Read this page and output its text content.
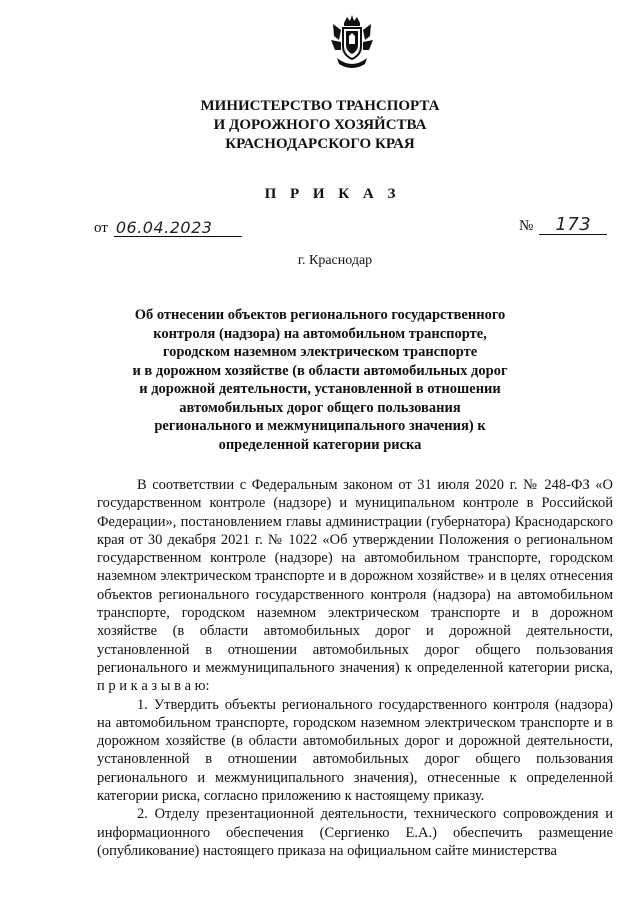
МИНИСТЕРСТВО ТРАНСПОРТА
И ДОРОЖНОГО ХОЗЯЙСТВА
КРАСНОДАРСКОГО КРАЯ
П Р И К А З
от 06.04.2023	№	173
г. Краснодар
Об отнесении объектов регионального государственного
контроля (надзора) на автомобильном транспорте,
городском наземном электрическом транспорте
и в дорожном хозяйстве (в области автомобильных дорог
и дорожной деятельности, установленной в отношении
автомобильных дорог общего пользования
регионального и межмуниципального значения) к
определенной категории риска

В соответствии с Федеральным законом от 31 июля 2020 г. № 248-ФЗ «О государственном контроле (надзоре) и муниципальном контроле в Российской Федерации», постановлением главы администрации (губернатора) Краснодарского края от 30 декабря 2021 г. № 1022 «Об утверждении Положения о региональном государственном контроле (надзоре) на автомобильном транспорте, городском наземном электрическом транспорте и в дорожном хозяйстве» и в целях отнесения объектов регионального государственного контроля (надзора) на автомобильном транспорте, городском наземном электрическом транспорте и в дорожном хозяйстве (в области автомобильных дорог и дорожной деятельности, установленной в отношении автомобильных дорог общего пользования регионального и межмуниципального значения) к определенной категории риска, п р и к а з ы в а ю:

1. Утвердить объекты регионального государственного контроля (надзора) на автомобильном транспорте, городском наземном электрическом транспорте и в дорожном хозяйстве (в области автомобильных дорог и дорожной деятельности, установленной в отношении автомобильных дорог общего пользования регионального и межмуниципального значения), отнесенные к определенной категории риска, согласно приложению к настоящему приказу.

2. Отделу презентационной деятельности, технического сопровождения и информационного обеспечения (Сергиенко Е.А.) обеспечить размещение (опубликование) настоящего приказа на официальном сайте министерства
